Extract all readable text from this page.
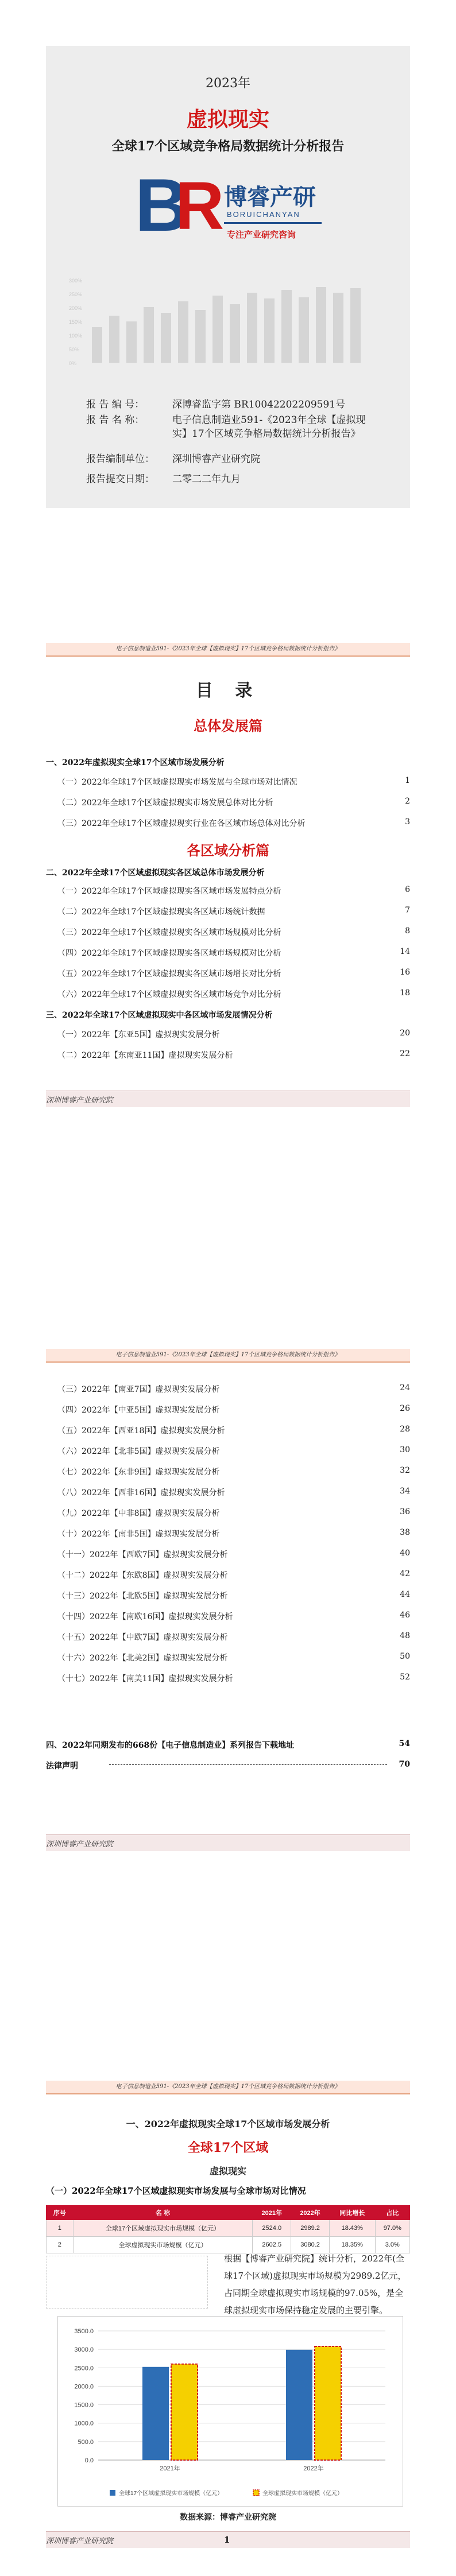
2023年
虚拟现实
全球17个区域竞争格局数据统计分析报告
B
R 博睿产研
BORUICHANYAN
专注产业研究咨询
300%
250%
200%
150%
100%
50%
0%
报 告 编 号：	深博睿监字第 BR10042202209591号
报 告 名 称：	电子信息制造业591-《2023年全球【虚拟现实】17个区域竞争格局数据统计分析报告》
报告编制单位： 深圳博睿产业研究院
报告提交日期： 二零二二年九月
电子信息制造业591-《2023年全球【虚拟现实】17个区域竞争格局数据统计分析报告》
目 录
总体发展篇
一、2022年虚拟现实全球17个区域市场发展分析
（一）2022年全球17个区域虚拟现实市场发展与全球市场对比情况	1
（二）2022年全球17个区域虚拟现实市场发展总体对比分析	2
（三）2022年全球17个区域虚拟现实行业在各区域市场总体对比分析	3
各区域分析篇
二、2022年全球17个区域虚拟现实各区域总体市场发展分析
（一）2022年全球17个区域虚拟现实各区域市场发展特点分析	6
（二）2022年全球17个区域虚拟现实各区域市场统计数据	7
（三）2022年全球17个区域虚拟现实各区域市场规模对比分析	8
（四）2022年全球17个区域虚拟现实各区域市场规模对比分析	14
（五）2022年全球17个区域虚拟现实各区域市场增长对比分析	16
（六）2022年全球17个区域虚拟现实各区域市场竞争对比分析	18
三、2022年全球17个区域虚拟现实中各区域市场发展情况分析
（一）2022年【东亚5国】虚拟现实发展分析	20
（二）2022年【东南亚11国】虚拟现实发展分析	22
深圳博睿产业研究院
电子信息制造业591-《2023年全球【虚拟现实】17个区域竞争格局数据统计分析报告》
（三）2022年【南亚7国】虚拟现实发展分析	24
（四）2022年【中亚5国】虚拟现实发展分析	26
（五）2022年【西亚18国】虚拟现实发展分析	28
（六）2022年【北非5国】虚拟现实发展分析	30
（七）2022年【东非9国】虚拟现实发展分析	32
（八）2022年【西非16国】虚拟现实发展分析	34
（九）2022年【中非8国】虚拟现实发展分析	36
（十）2022年【南非5国】虚拟现实发展分析	38
（十一）2022年【西欧7国】虚拟现实发展分析	40
（十二）2022年【东欧8国】虚拟现实发展分析	42
（十三）2022年【北欧5国】虚拟现实发展分析	44
（十四）2022年【南欧16国】虚拟现实发展分析	46
（十五）2022年【中欧7国】虚拟现实发展分析	48
（十六）2022年【北美2国】虚拟现实发展分析	50
（十七）2022年【南美11国】虚拟现实发展分析	52
四、2022年同期发布的668份【电子信息制造业】系列报告下载地址	54
法律声明	70
深圳博睿产业研究院
电子信息制造业591-《2023年全球【虚拟现实】17个区域竞争格局数据统计分析报告》
一、2022年虚拟现实全球17个区域市场发展分析
全球17个区域
虚拟现实
（一）2022年全球17个区域虚拟现实市场发展与全球市场对比情况
序号	名 称	2021年	2022年	同比增长	占比
1	全球17个区域虚拟现实市场规模（亿元）	2524.0	2989.2	18.43%	97.0%
2	全球虚拟现实市场规模（亿元）	2602.5	3080.2	18.35%	3.0%
根据【博睿产业研究院】统计分析，2022年(全球17个区域)虚拟现实市场规模为2989.2亿元，占同期全球虚拟现实市场规模的97.05%，是全球虚拟现实市场保持稳定发展的主要引擎。
0.0
500.0
1000.0
1500.0
2000.0
2500.0
3000.0
3500.0
2021年	2022年
全球17个区域虚拟现实市场规模（亿元）	全球虚拟现实市场规模（亿元）
数据来源：博睿产业研究院
深圳博睿产业研究院	1
